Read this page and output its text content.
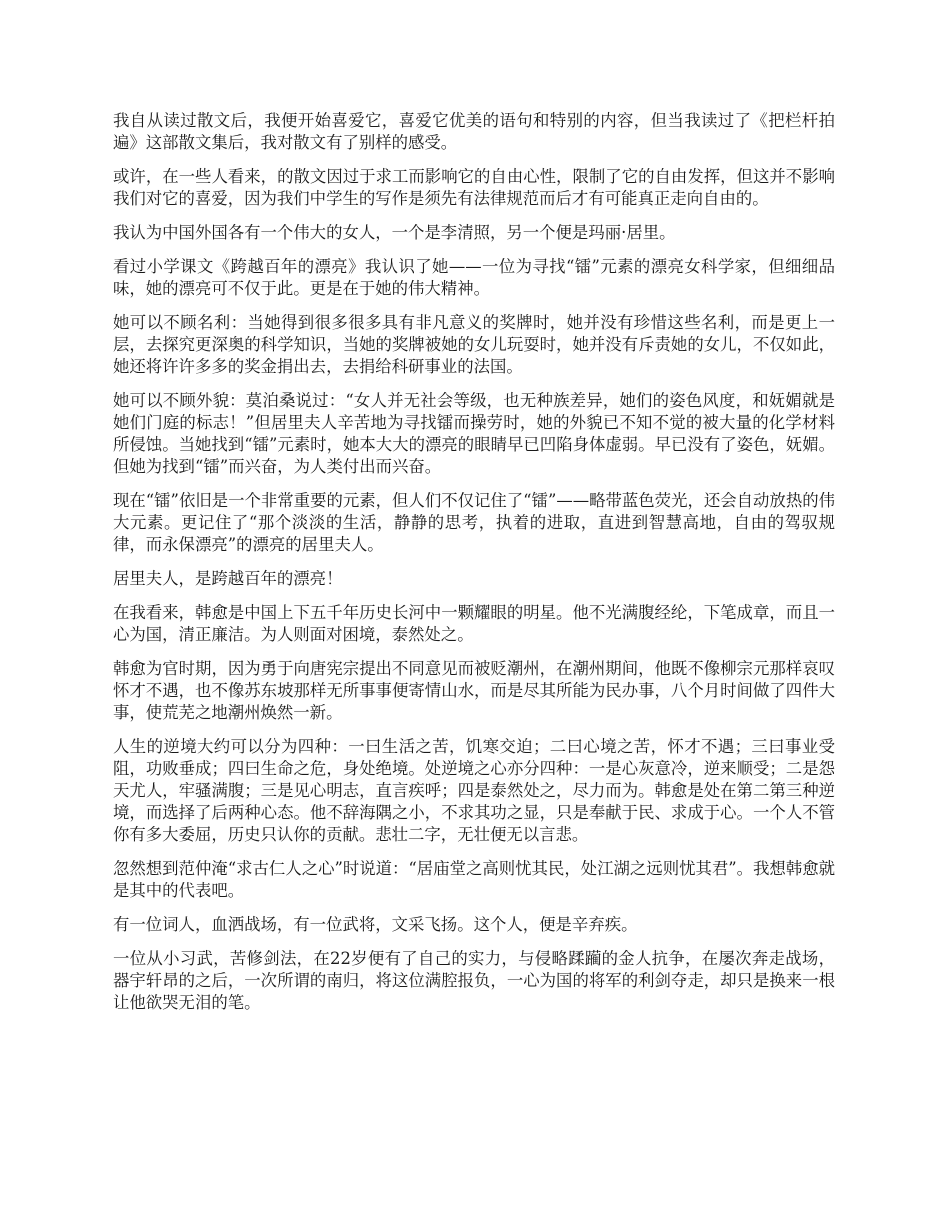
我自从读过散文后，我便开始喜爱它，喜爱它优美的语句和特别的内容，但当我读过了《把栏杆拍遍》这部散文集后，我对散文有了别样的感受。

或许，在一些人看来，的散文因过于求工而影响它的自由心性，限制了它的自由发挥，但这并不影响我们对它的喜爱，因为我们中学生的写作是须先有法律规范而后才有可能真正走向自由的。

我认为中国外国各有一个伟大的女人，一个是李清照，另一个便是玛丽·居里。

看过小学课文《跨越百年的漂亮》我认识了她——一位为寻找“镭”元素的漂亮女科学家，但细细品味，她的漂亮可不仅于此。更是在于她的伟大精神。

她可以不顾名利：当她得到很多很多具有非凡意义的奖牌时，她并没有珍惜这些名利，而是更上一层，去探究更深奥的科学知识，当她的奖牌被她的女儿玩耍时，她并没有斥责她的女儿，不仅如此，她还将许许多多的奖金捐出去，去捐给科研事业的法国。

她可以不顾外貌：莫泊桑说过：“女人并无社会等级，也无种族差异，她们的姿色风度，和妩媚就是她们门庭的标志！”但居里夫人辛苦地为寻找镭而操劳时，她的外貌已不知不觉的被大量的化学材料所侵蚀。当她找到“镭”元素时，她本大大的漂亮的眼睛早已凹陷身体虚弱。早已没有了姿色，妩媚。但她为找到“镭”而兴奋，为人类付出而兴奋。

现在“镭”依旧是一个非常重要的元素，但人们不仅记住了“镭”——略带蓝色荧光，还会自动放热的伟大元素。更记住了“那个淡淡的生活，静静的思考，执着的进取，直进到智慧高地，自由的驾驭规律，而永保漂亮”的漂亮的居里夫人。

居里夫人，是跨越百年的漂亮！

在我看来，韩愈是中国上下五千年历史长河中一颗耀眼的明星。他不光满腹经纶，下笔成章，而且一心为国，清正廉洁。为人则面对困境，泰然处之。

韩愈为官时期，因为勇于向唐宪宗提出不同意见而被贬潮州，在潮州期间，他既不像柳宗元那样哀叹怀才不遇，也不像苏东坡那样无所事事便寄情山水，而是尽其所能为民办事，八个月时间做了四件大事，使荒芜之地潮州焕然一新。

人生的逆境大约可以分为四种：一曰生活之苦，饥寒交迫；二曰心境之苦，怀才不遇；三曰事业受阻，功败垂成；四曰生命之危，身处绝境。处逆境之心亦分四种：一是心灰意冷，逆来顺受；二是怨天尤人，牢骚满腹；三是见心明志，直言疾呼；四是泰然处之，尽力而为。韩愈是处在第二第三种逆境，而选择了后两种心态。他不辞海隅之小，不求其功之显，只是奉献于民、求成于心。一个人不管你有多大委屈，历史只认你的贡献。悲壮二字，无壮便无以言悲。

忽然想到范仲淹“求古仁人之心”时说道：“居庙堂之高则忧其民，处江湖之远则忧其君”。我想韩愈就是其中的代表吧。

有一位词人，血洒战场，有一位武将，文采飞扬。这个人，便是辛弃疾。

一位从小习武，苦修剑法，在22岁便有了自己的实力，与侵略蹂躏的金人抗争，在屡次奔走战场，器宇轩昂的之后，一次所谓的南归，将这位满腔报负，一心为国的将军的利剑夺走，却只是换来一根让他欲哭无泪的笔。
